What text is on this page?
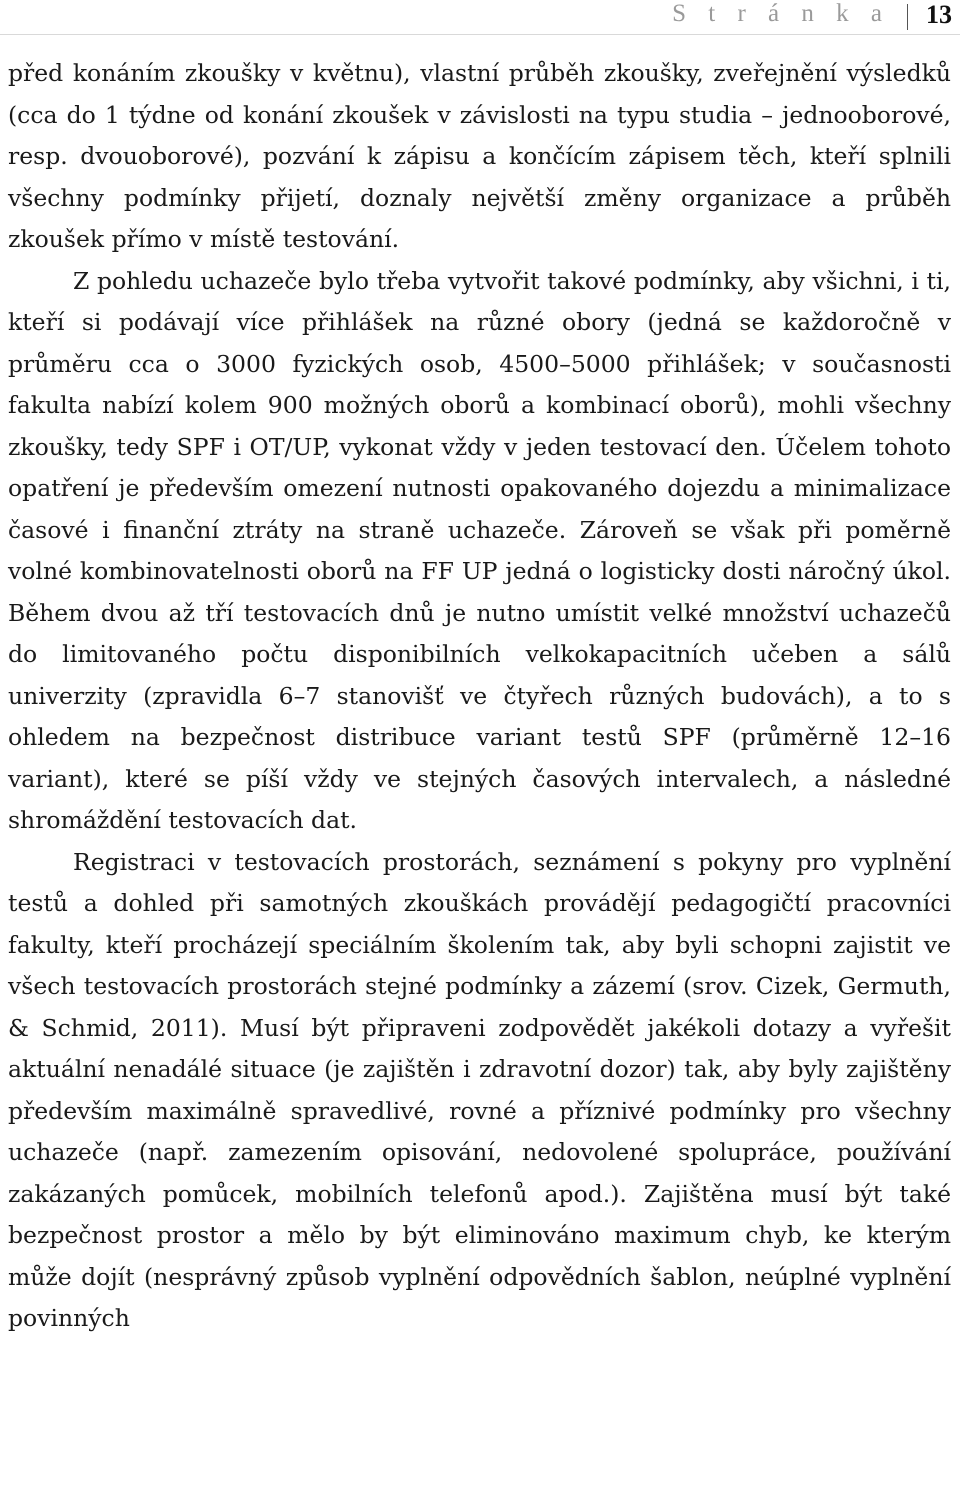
S t r á n k a 13

před konáním zkoušky v květnu), vlastní průběh zkoušky, zveřejnění výsledků (cca do 1 týdne od konání zkoušek v závislosti na typu studia – jednooborové, resp. dvouoborové), pozvání k zápisu a končícím zápisem těch, kteří splnili všechny podmínky přijetí, doznaly největší změny organizace a průběh zkoušek přímo v místě testování.

Z pohledu uchazeče bylo třeba vytvořit takové podmínky, aby všichni, i ti, kteří si podávají více přihlášek na různé obory (jedná se každoročně v průměru cca o 3000 fyzických osob, 4500–5000 přihlášek; v současnosti fakulta nabízí kolem 900 možných oborů a kombinací oborů), mohli všechny zkoušky, tedy SPF i OT/UP, vykonat vždy v jeden testovací den. Účelem tohoto opatření je především omezení nutnosti opakovaného dojezdu a minimalizace časové i finanční ztráty na straně uchazeče. Zároveň se však při poměrně volné kombinovatelnosti oborů na FF UP jedná o logisticky dosti náročný úkol. Během dvou až tří testovacích dnů je nutno umístit velké množství uchazečů do limitovaného počtu disponibilních velkokapacitních učeben a sálů univerzity (zpravidla 6–7 stanovišť ve čtyřech různých budovách), a to s ohledem na bezpečnost distribuce variant testů SPF (průměrně 12–16 variant), které se píší vždy ve stejných časových intervalech, a následné shromáždění testovacích dat.

Registraci v testovacích prostorách, seznámení s pokyny pro vyplnění testů a dohled při samotných zkouškách provádějí pedagogičtí pracovníci fakulty, kteří procházejí speciálním školením tak, aby byli schopni zajistit ve všech testovacích prostorách stejné podmínky a zázemí (srov. Cizek, Germuth, & Schmid, 2011). Musí být připraveni zodpovědět jakékoli dotazy a vyřešit aktuální nenadálé situace (je zajištěn i zdravotní dozor) tak, aby byly zajištěny především maximálně spravedlivé, rovné a příznivé podmínky pro všechny uchazeče (např. zamezením opisování, nedovolené spolupráce, používání zakázaných pomůcek, mobilních telefonů apod.). Zajištěna musí být také bezpečnost prostor a mělo by být eliminováno maximum chyb, ke kterým může dojít (nesprávný způsob vyplnění odpovědních šablon, neúplné vyplnění povinných
